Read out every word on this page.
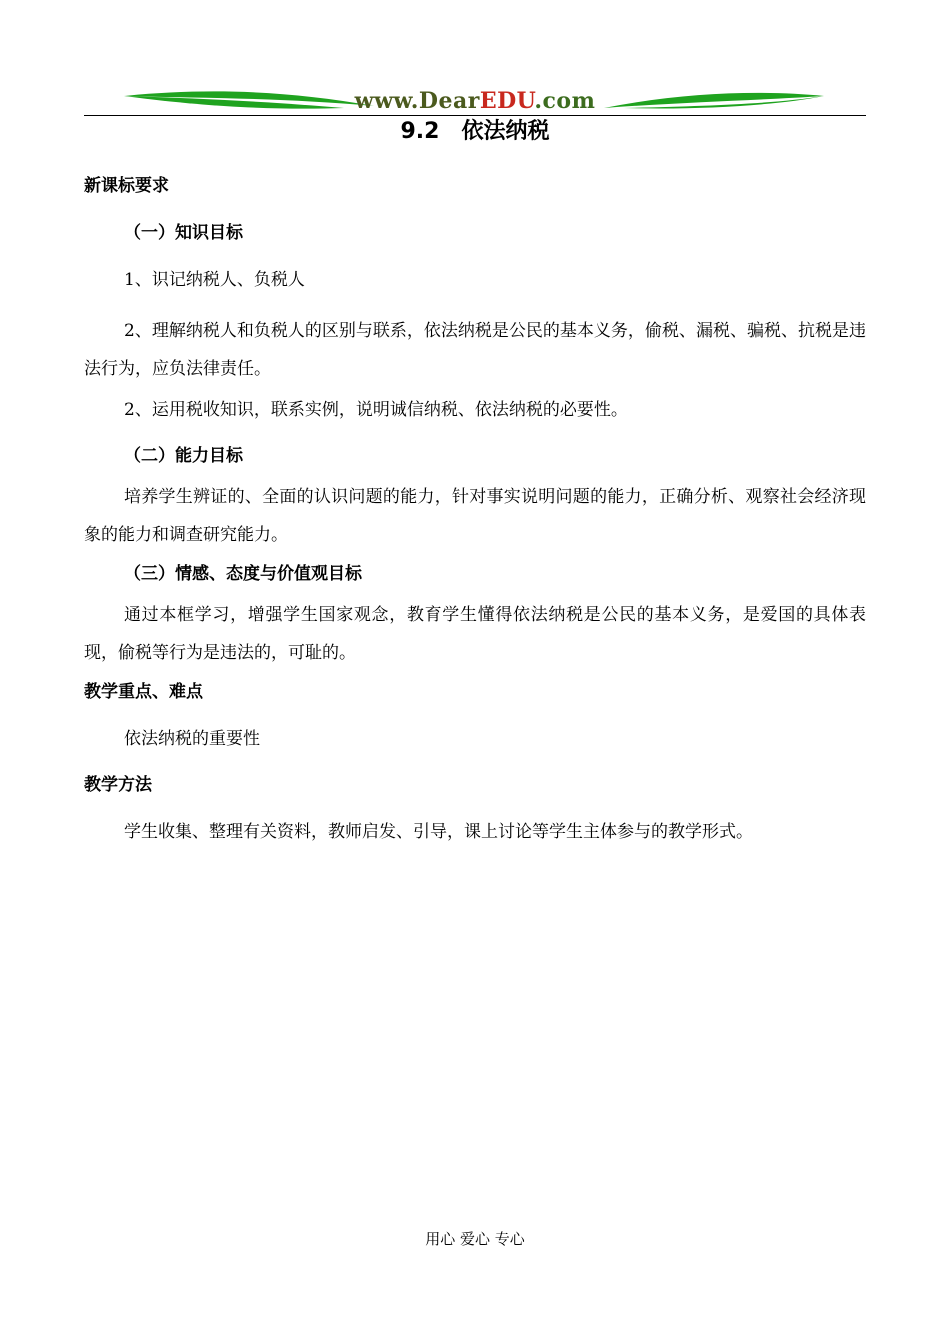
www.DearEDU.com
9.2　依法纳税

新课标要求

（一）知识目标

1、识记纳税人、负税人

2、理解纳税人和负税人的区别与联系，依法纳税是公民的基本义务，偷税、漏税、骗税、抗税是违法行为，应负法律责任。

2、运用税收知识，联系实例，说明诚信纳税、依法纳税的必要性。

（二）能力目标

培养学生辨证的、全面的认识问题的能力，针对事实说明问题的能力，正确分析、观察社会经济现象的能力和调查研究能力。

（三）情感、态度与价值观目标

通过本框学习，增强学生国家观念，教育学生懂得依法纳税是公民的基本义务，是爱国的具体表现，偷税等行为是违法的，可耻的。

教学重点、难点

依法纳税的重要性

教学方法

学生收集、整理有关资料，教师启发、引导，课上讨论等学生主体参与的教学形式。

用心 爱心 专心
